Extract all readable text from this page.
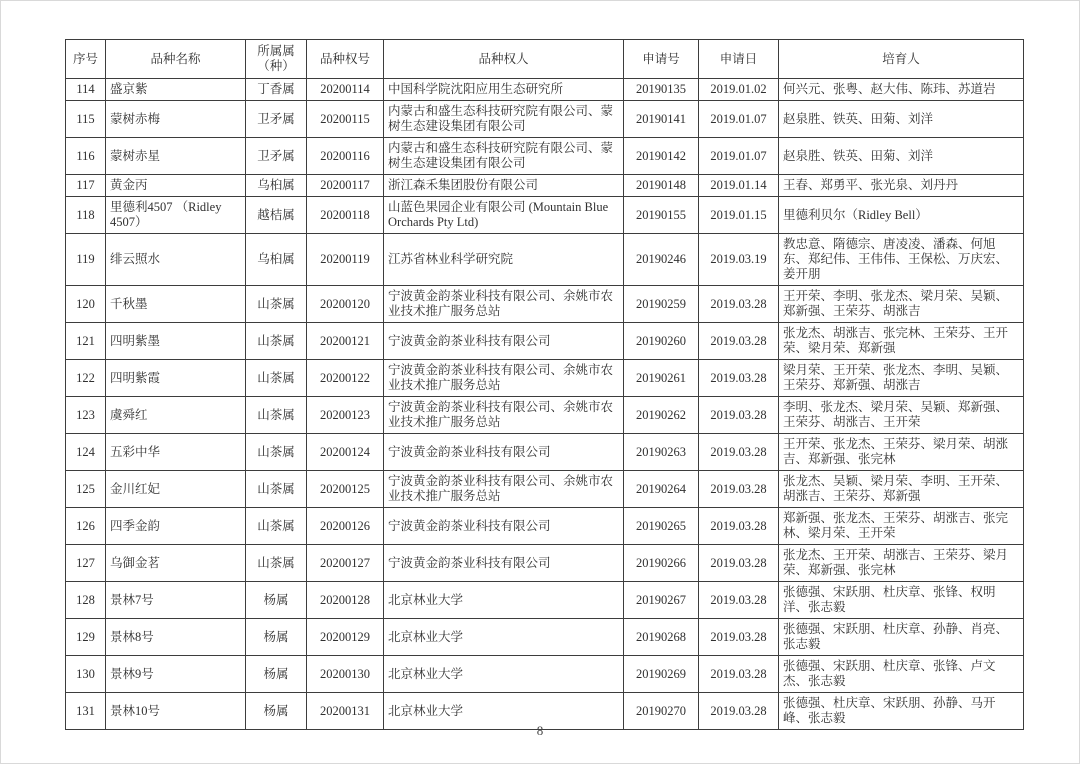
序号	品种名称	所属属（种）	品种权号	品种权人	申请号	申请日	培育人
114	盛京紫	丁香属	20200114	中国科学院沈阳应用生态研究所	20190135	2019.01.02	何兴元、张粤、赵大伟、陈玮、苏道岩
115	蒙树赤梅	卫矛属	20200115	内蒙古和盛生态科技研究院有限公司、蒙树生态建设集团有限公司	20190141	2019.01.07	赵泉胜、铁英、田菊、刘洋
116	蒙树赤星	卫矛属	20200116	内蒙古和盛生态科技研究院有限公司、蒙树生态建设集团有限公司	20190142	2019.01.07	赵泉胜、铁英、田菊、刘洋
117	黄金丙	乌桕属	20200117	浙江森禾集团股份有限公司	20190148	2019.01.14	王春、郑勇平、张光泉、刘丹丹
118	里德利4507 （Ridley 4507）	越桔属	20200118	山蓝色果园企业有限公司 (Mountain Blue Orchards Pty Ltd)	20190155	2019.01.15	里德利贝尔（Ridley Bell）
119	绯云照水	乌桕属	20200119	江苏省林业科学研究院	20190246	2019.03.19	教忠意、隋德宗、唐凌凌、潘森、何旭东、郑纪伟、王伟伟、王保松、万庆宏、姜开朋
120	千秋墨	山茶属	20200120	宁波黄金韵茶业科技有限公司、余姚市农业技术推广服务总站	20190259	2019.03.28	王开荣、李明、张龙杰、梁月荣、吴颖、郑新强、王荣芬、胡涨吉
121	四明紫墨	山茶属	20200121	宁波黄金韵茶业科技有限公司	20190260	2019.03.28	张龙杰、胡涨吉、张完林、王荣芬、王开荣、梁月荣、郑新强
122	四明紫霞	山茶属	20200122	宁波黄金韵茶业科技有限公司、余姚市农业技术推广服务总站	20190261	2019.03.28	梁月荣、王开荣、张龙杰、李明、吴颖、王荣芬、郑新强、胡涨吉
123	虞舜红	山茶属	20200123	宁波黄金韵茶业科技有限公司、余姚市农业技术推广服务总站	20190262	2019.03.28	李明、张龙杰、梁月荣、吴颖、郑新强、王荣芬、胡涨吉、王开荣
124	五彩中华	山茶属	20200124	宁波黄金韵茶业科技有限公司	20190263	2019.03.28	王开荣、张龙杰、王荣芬、梁月荣、胡涨吉、郑新强、张完林
125	金川红妃	山茶属	20200125	宁波黄金韵茶业科技有限公司、余姚市农业技术推广服务总站	20190264	2019.03.28	张龙杰、吴颖、梁月荣、李明、王开荣、胡涨吉、王荣芬、郑新强
126	四季金韵	山茶属	20200126	宁波黄金韵茶业科技有限公司	20190265	2019.03.28	郑新强、张龙杰、王荣芬、胡涨吉、张完林、梁月荣、王开荣
127	乌御金茗	山茶属	20200127	宁波黄金韵茶业科技有限公司	20190266	2019.03.28	张龙杰、王开荣、胡涨吉、王荣芬、梁月荣、郑新强、张完林
128	景林7号	杨属	20200128	北京林业大学	20190267	2019.03.28	张德强、宋跃朋、杜庆章、张锋、权明洋、张志毅
129	景林8号	杨属	20200129	北京林业大学	20190268	2019.03.28	张德强、宋跃朋、杜庆章、孙静、肖亮、张志毅
130	景林9号	杨属	20200130	北京林业大学	20190269	2019.03.28	张德强、宋跃朋、杜庆章、张锋、卢文杰、张志毅
131	景林10号	杨属	20200131	北京林业大学	20190270	2019.03.28	张德强、杜庆章、宋跃朋、孙静、马开峰、张志毅
8
